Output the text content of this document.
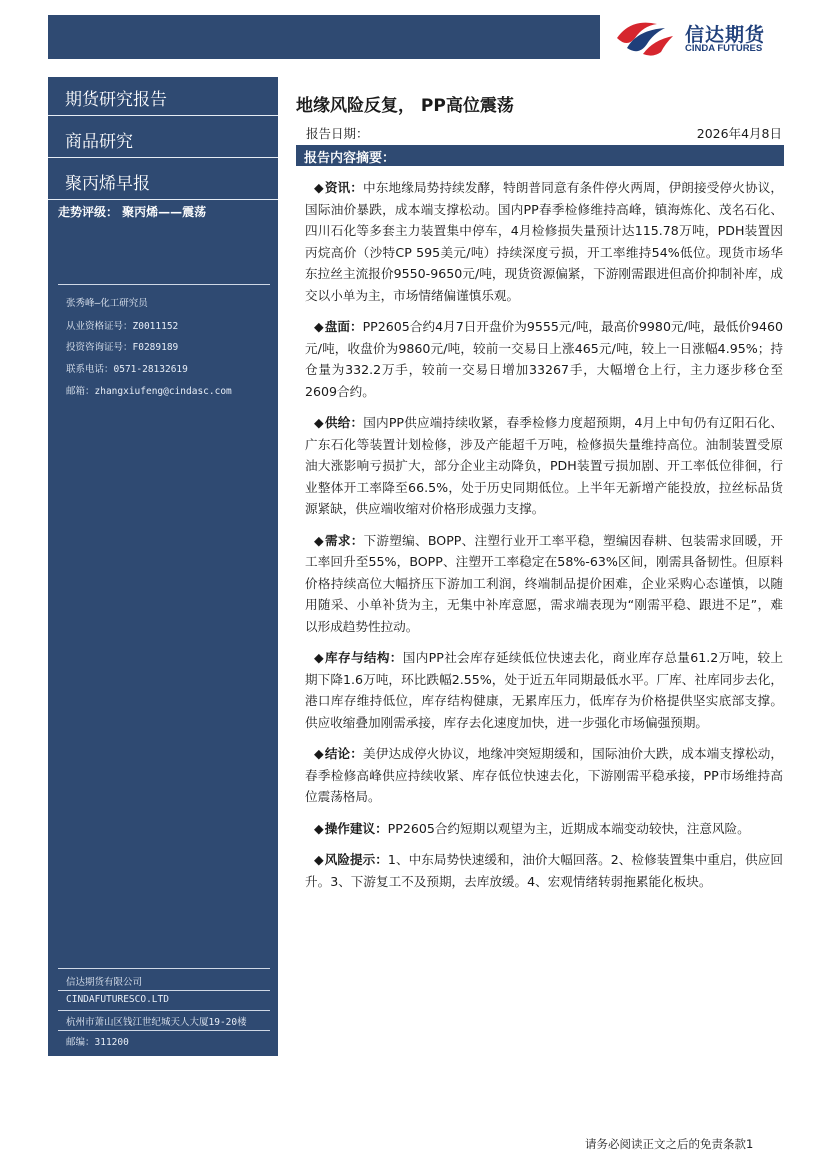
信达期货
CINDA FUTURES
期货研究报告
商品研究
聚丙烯早报
走势评级： 聚丙烯——震荡
张秀峰—化工研究员
从业资格证号：Z0011152
投资咨询证号：F0289189
联系电话：0571-28132619
邮箱：zhangxiufeng@cindasc.com
信达期货有限公司
CINDAFUTURESCO.LTD
杭州市萧山区钱江世纪城天人大厦19-20楼
邮编：311200
地缘风险反复， PP高位震荡
报告日期：	2026年4月8日
报告内容摘要：

◆资讯：中东地缘局势持续发酵，特朗普同意有条件停火两周，伊朗接受停火协议，国际油价暴跌，成本端支撑松动。国内PP春季检修维持高峰，镇海炼化、茂名石化、四川石化等多套主力装置集中停车，4月检修损失量预计达115.78万吨，PDH装置因丙烷高价（沙特CP 595美元/吨）持续深度亏损，开工率维持54%低位。现货市场华东拉丝主流报价9550-9650元/吨，现货资源偏紧，下游刚需跟进但高价抑制补库，成交以小单为主，市场情绪偏谨慎乐观。

◆盘面：PP2605合约4月7日开盘价为9555元/吨，最高价9980元/吨，最低价9460元/吨，收盘价为9860元/吨，较前一交易日上涨465元/吨，较上一日涨幅4.95%；持仓量为332.2万手，较前一交易日增加33267手，大幅增仓上行，主力逐步移仓至2609合约。

◆供给：国内PP供应端持续收紧，春季检修力度超预期，4月上中旬仍有辽阳石化、广东石化等装置计划检修，涉及产能超千万吨，检修损失量维持高位。油制装置受原油大涨影响亏损扩大，部分企业主动降负，PDH装置亏损加剧、开工率低位徘徊，行业整体开工率降至66.5%，处于历史同期低位。上半年无新增产能投放，拉丝标品货源紧缺，供应端收缩对价格形成强力支撑。

◆需求：下游塑编、BOPP、注塑行业开工率平稳，塑编因春耕、包装需求回暖，开工率回升至55%，BOPP、注塑开工率稳定在58%-63%区间，刚需具备韧性。但原料价格持续高位大幅挤压下游加工利润，终端制品提价困难，企业采购心态谨慎，以随用随采、小单补货为主，无集中补库意愿，需求端表现为“刚需平稳、跟进不足”，难以形成趋势性拉动。

◆库存与结构：国内PP社会库存延续低位快速去化，商业库存总量61.2万吨，较上期下降1.6万吨，环比跌幅2.55%，处于近五年同期最低水平。厂库、社库同步去化，港口库存维持低位，库存结构健康，无累库压力，低库存为价格提供坚实底部支撑。供应收缩叠加刚需承接，库存去化速度加快，进一步强化市场偏强预期。

◆结论：美伊达成停火协议，地缘冲突短期缓和，国际油价大跌，成本端支撑松动，春季检修高峰供应持续收紧、库存低位快速去化，下游刚需平稳承接，PP市场维持高位震荡格局。

◆操作建议：PP2605合约短期以观望为主，近期成本端变动较快，注意风险。

◆风险提示：1、中东局势快速缓和，油价大幅回落。2、检修装置集中重启，供应回升。3、下游复工不及预期，去库放缓。4、宏观情绪转弱拖累能化板块。

请务必阅读正文之后的免责条款1
